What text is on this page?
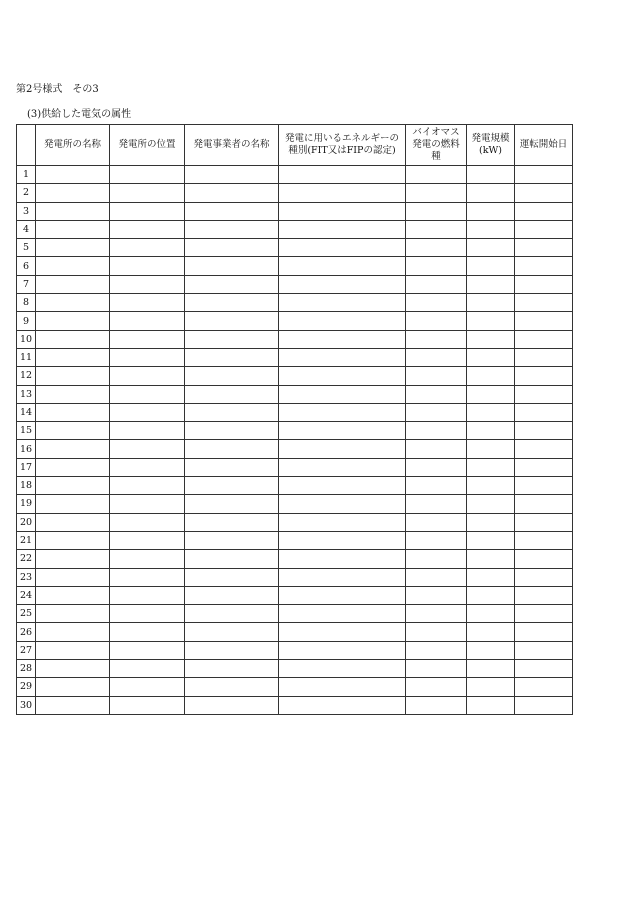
第2号様式　その3
(3)供給した電気の属性
	発電所の名称	発電所の位置	発電事業者の名称	発電に用いるエネルギーの種別(FIT又はFIPの認定)	バイオマス発電の燃料種	発電規模(kW)	運転開始日
1							
2							
3							
4							
5							
6							
7							
8							
9							
10							
11							
12							
13							
14							
15							
16							
17							
18							
19							
20							
21							
22							
23							
24							
25							
26							
27							
28							
29							
30							
